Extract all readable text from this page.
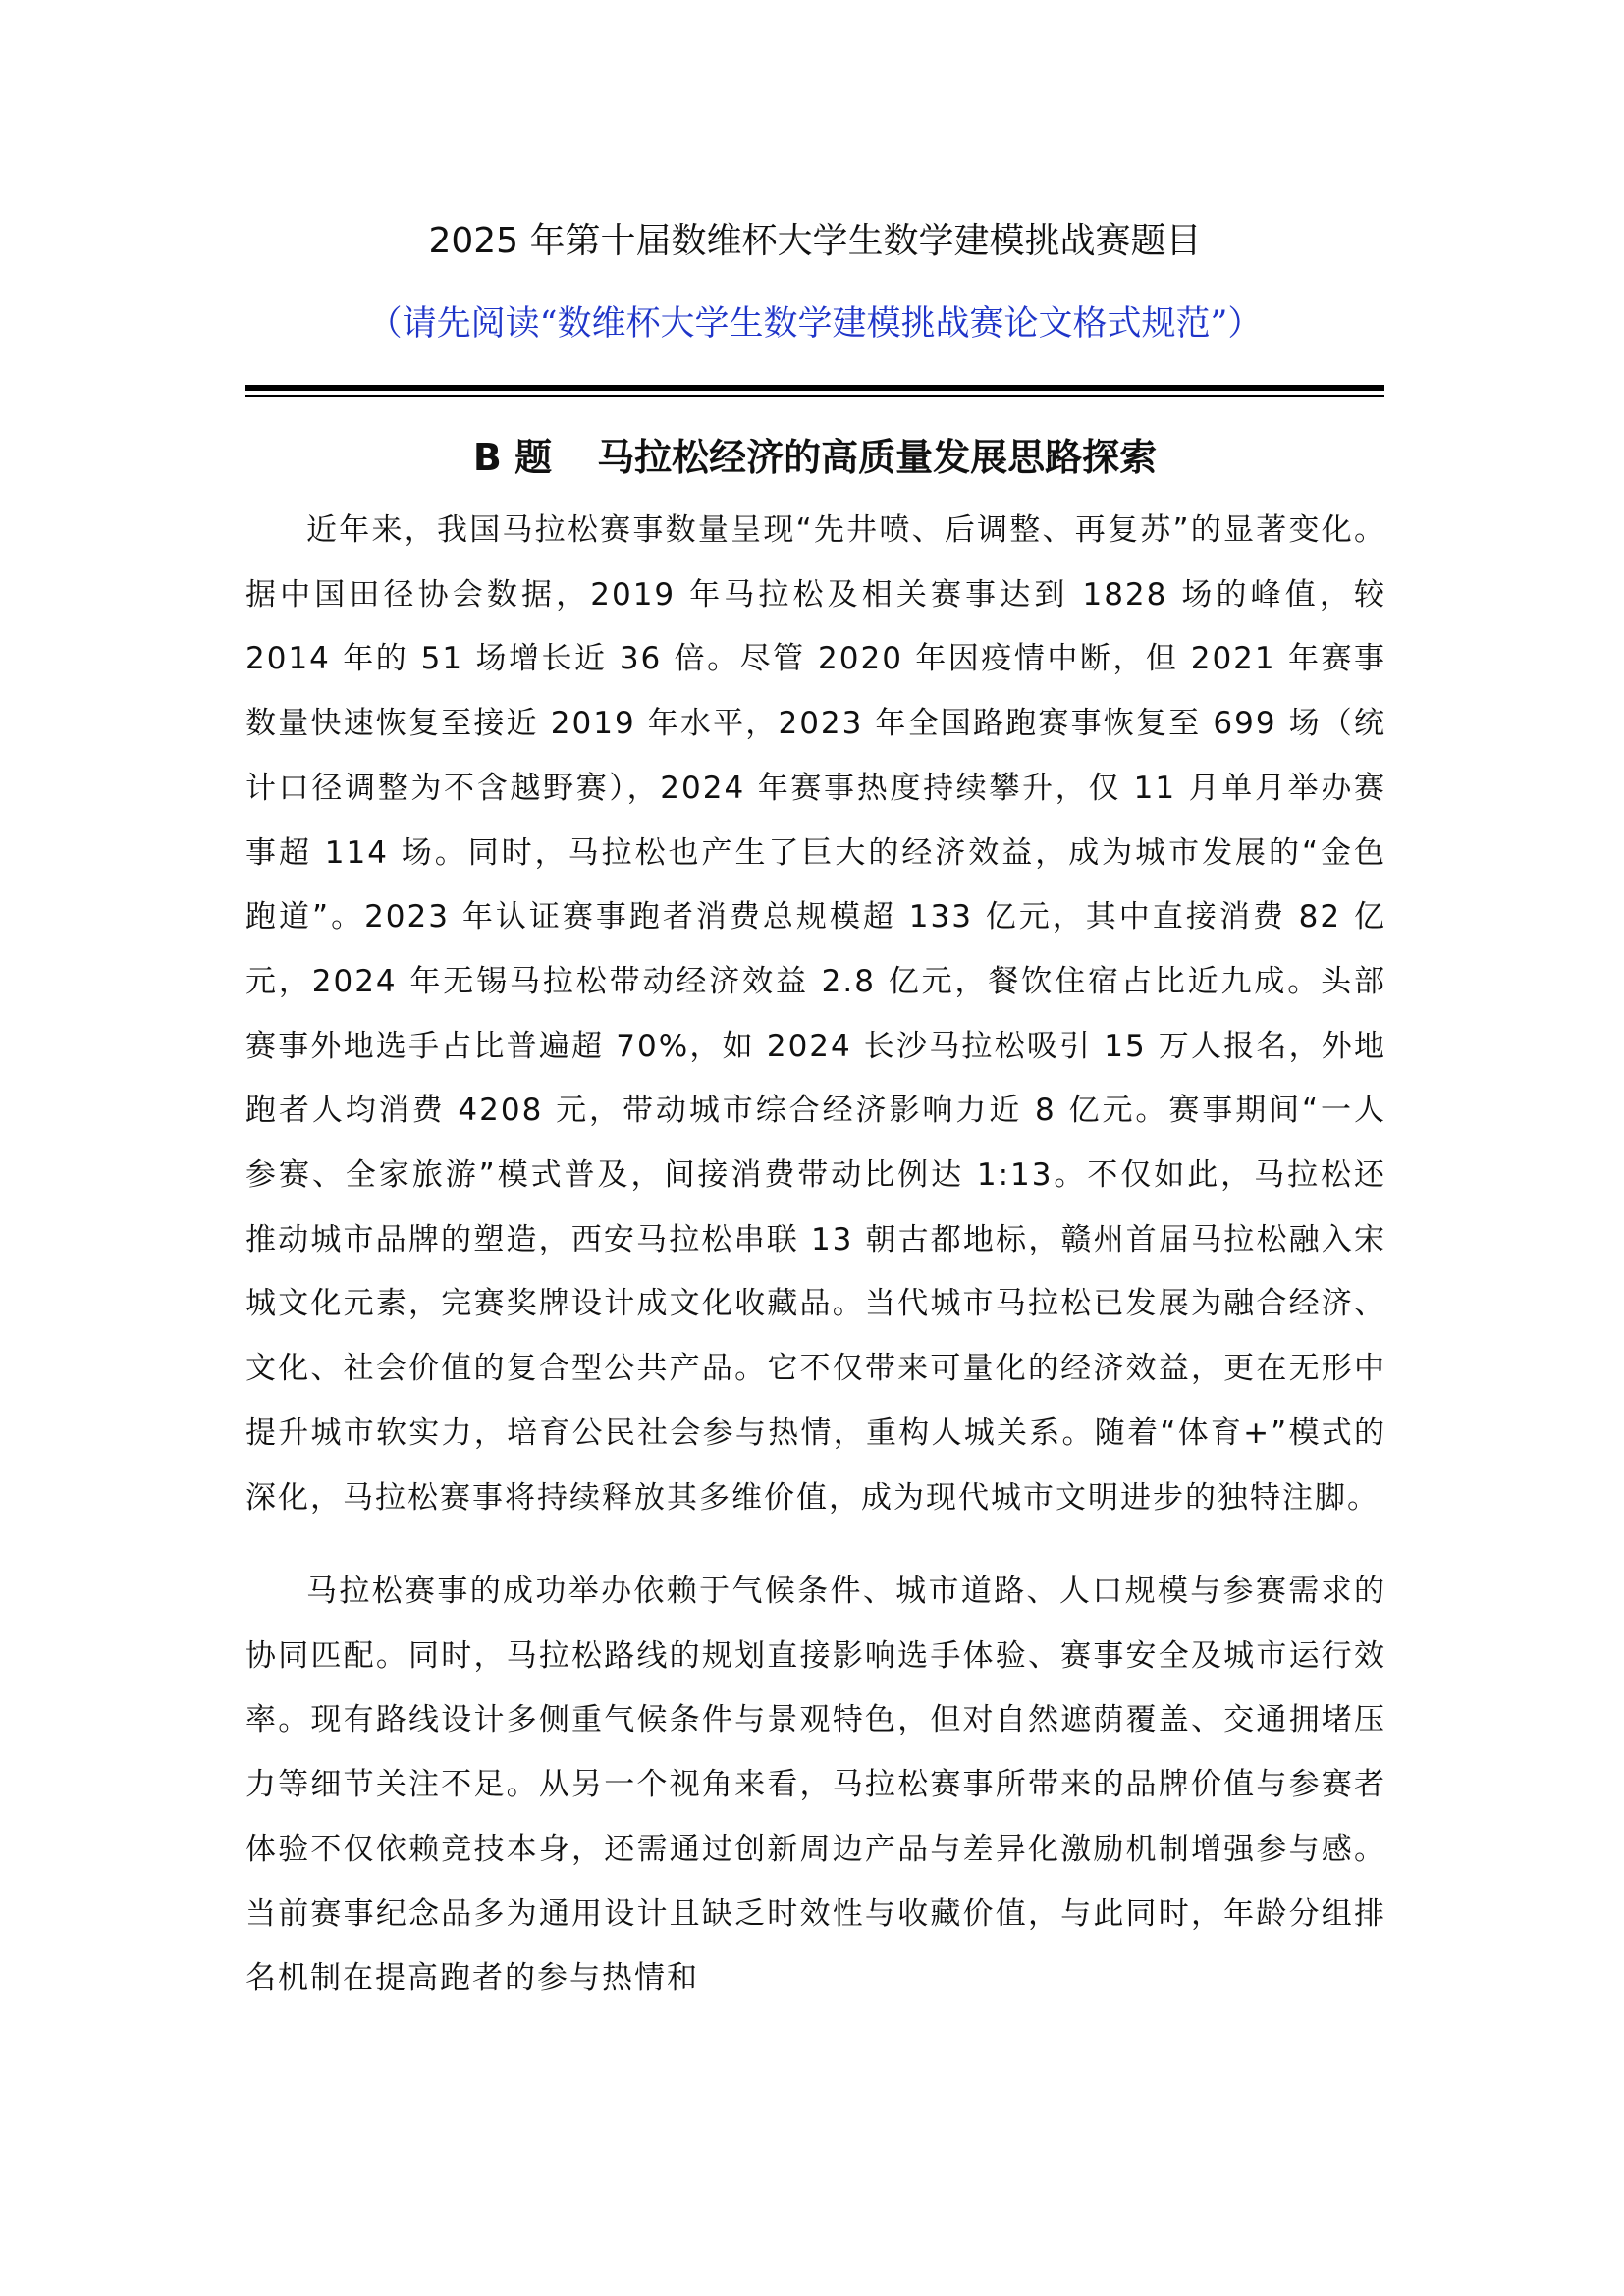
2025 年第十届数维杯大学生数学建模挑战赛题目
（请先阅读“数维杯大学生数学建模挑战赛论文格式规范”）
B 题 马拉松经济的高质量发展思路探索

近年来，我国马拉松赛事数量呈现“先井喷、后调整、再复苏”的显著变化。据中国田径协会数据，2019 年马拉松及相关赛事达到 1828 场的峰值，较 2014 年的 51 场增长近 36 倍。尽管 2020 年因疫情中断，但 2021 年赛事数量快速恢复至接近 2019 年水平，2023 年全国路跑赛事恢复至 699 场（统计口径调整为不含越野赛），2024 年赛事热度持续攀升，仅 11 月单月举办赛事超 114 场。同时，马拉松也产生了巨大的经济效益，成为城市发展的“金色跑道”。2023 年认证赛事跑者消费总规模超 133 亿元，其中直接消费 82 亿元，2024 年无锡马拉松带动经济效益 2.8 亿元，餐饮住宿占比近九成。头部赛事外地选手占比普遍超 70%，如 2024 长沙马拉松吸引 15 万人报名，外地跑者人均消费 4208 元，带动城市综合经济影响力近 8 亿元。赛事期间“一人参赛、全家旅游”模式普及，间接消费带动比例达 1:13。不仅如此，马拉松还推动城市品牌的塑造，西安马拉松串联 13 朝古都地标，赣州首届马拉松融入宋城文化元素，完赛奖牌设计成文化收藏品。当代城市马拉松已发展为融合经济、文化、社会价值的复合型公共产品。它不仅带来可量化的经济效益，更在无形中提升城市软实力，培育公民社会参与热情，重构人城关系。随着“体育+”模式的深化，马拉松赛事将持续释放其多维价值，成为现代城市文明进步的独特注脚。

马拉松赛事的成功举办依赖于气候条件、城市道路、人口规模与参赛需求的协同匹配。同时，马拉松路线的规划直接影响选手体验、赛事安全及城市运行效率。现有路线设计多侧重气候条件与景观特色，但对自然遮荫覆盖、交通拥堵压力等细节关注不足。从另一个视角来看，马拉松赛事所带来的品牌价值与参赛者体验不仅依赖竞技本身，还需通过创新周边产品与差异化激励机制增强参与感。当前赛事纪念品多为通用设计且缺乏时效性与收藏价值，与此同时，年龄分组排名机制在提高跑者的参与热情和
